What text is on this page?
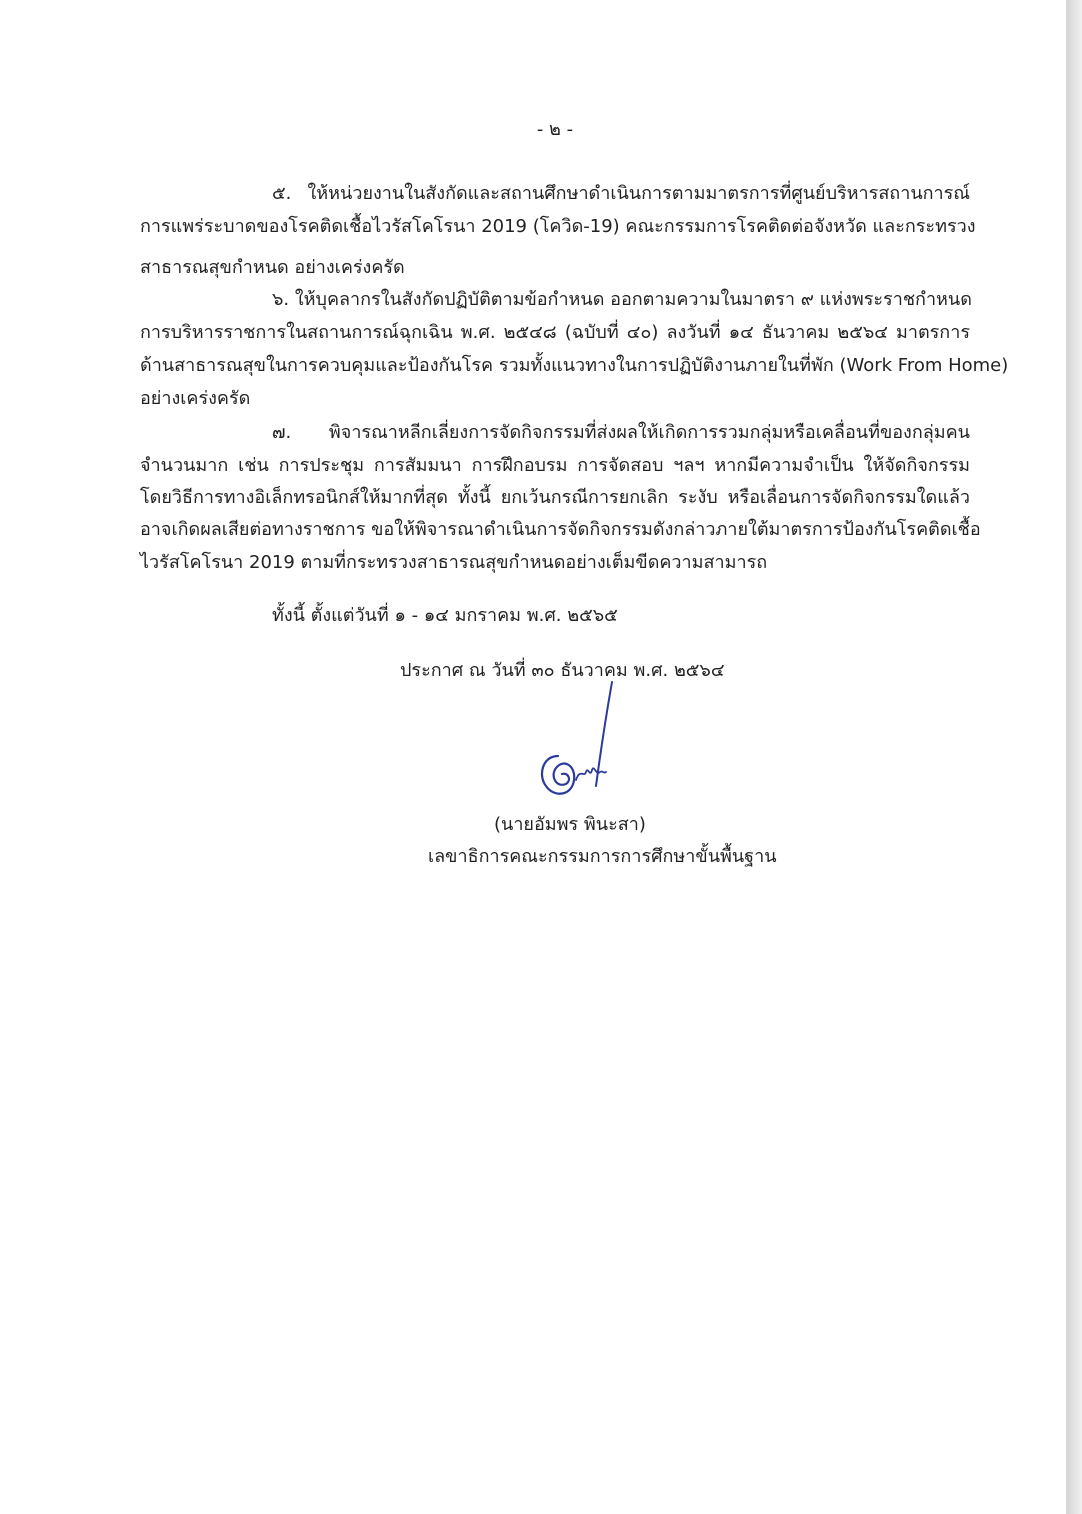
- ๒ -
๕. ให้หน่วยงานในสังกัดและสถานศึกษาดำเนินการตามมาตรการที่ศูนย์บริหารสถานการณ์
การแพร่ระบาดของโรคติดเชื้อไวรัสโคโรนา 2019 (โควิด-19) คณะกรรมการโรคติดต่อจังหวัด และกระทรวง
สาธารณสุขกำหนด อย่างเคร่งครัด
๖. ให้บุคลากรในสังกัดปฏิบัติตามข้อกำหนด ออกตามความในมาตรา ๙ แห่งพระราชกำหนด
การบริหารราชการในสถานการณ์ฉุกเฉิน พ.ศ. ๒๕๔๘ (ฉบับที่ ๔๐) ลงวันที่ ๑๔ ธันวาคม ๒๕๖๔ มาตรการ
ด้านสาธารณสุขในการควบคุมและป้องกันโรค รวมทั้งแนวทางในการปฏิบัติงานภายในที่พัก (Work From Home)
อย่างเคร่งครัด
๗. พิจารณาหลีกเลี่ยงการจัดกิจกรรมที่ส่งผลให้เกิดการรวมกลุ่มหรือเคลื่อนที่ของกลุ่มคน
จำนวนมาก เช่น การประชุม การสัมมนา การฝึกอบรม การจัดสอบ ฯลฯ หากมีความจำเป็น ให้จัดกิจกรรม
โดยวิธีการทางอิเล็กทรอนิกส์ให้มากที่สุด ทั้งนี้ ยกเว้นกรณีการยกเลิก ระงับ หรือเลื่อนการจัดกิจกรรมใดแล้ว
อาจเกิดผลเสียต่อทางราชการ ขอให้พิจารณาดำเนินการจัดกิจกรรมดังกล่าวภายใต้มาตรการป้องกันโรคติดเชื้อ
ไวรัสโคโรนา 2019 ตามที่กระทรวงสาธารณสุขกำหนดอย่างเต็มขีดความสามารถ
ทั้งนี้ ตั้งแต่วันที่ ๑ - ๑๔ มกราคม พ.ศ. ๒๕๖๕
ประกาศ ณ วันที่ ๓๐ ธันวาคม พ.ศ. ๒๕๖๔
(นายอัมพร พินะสา)
เลขาธิการคณะกรรมการการศึกษาขั้นพื้นฐาน
